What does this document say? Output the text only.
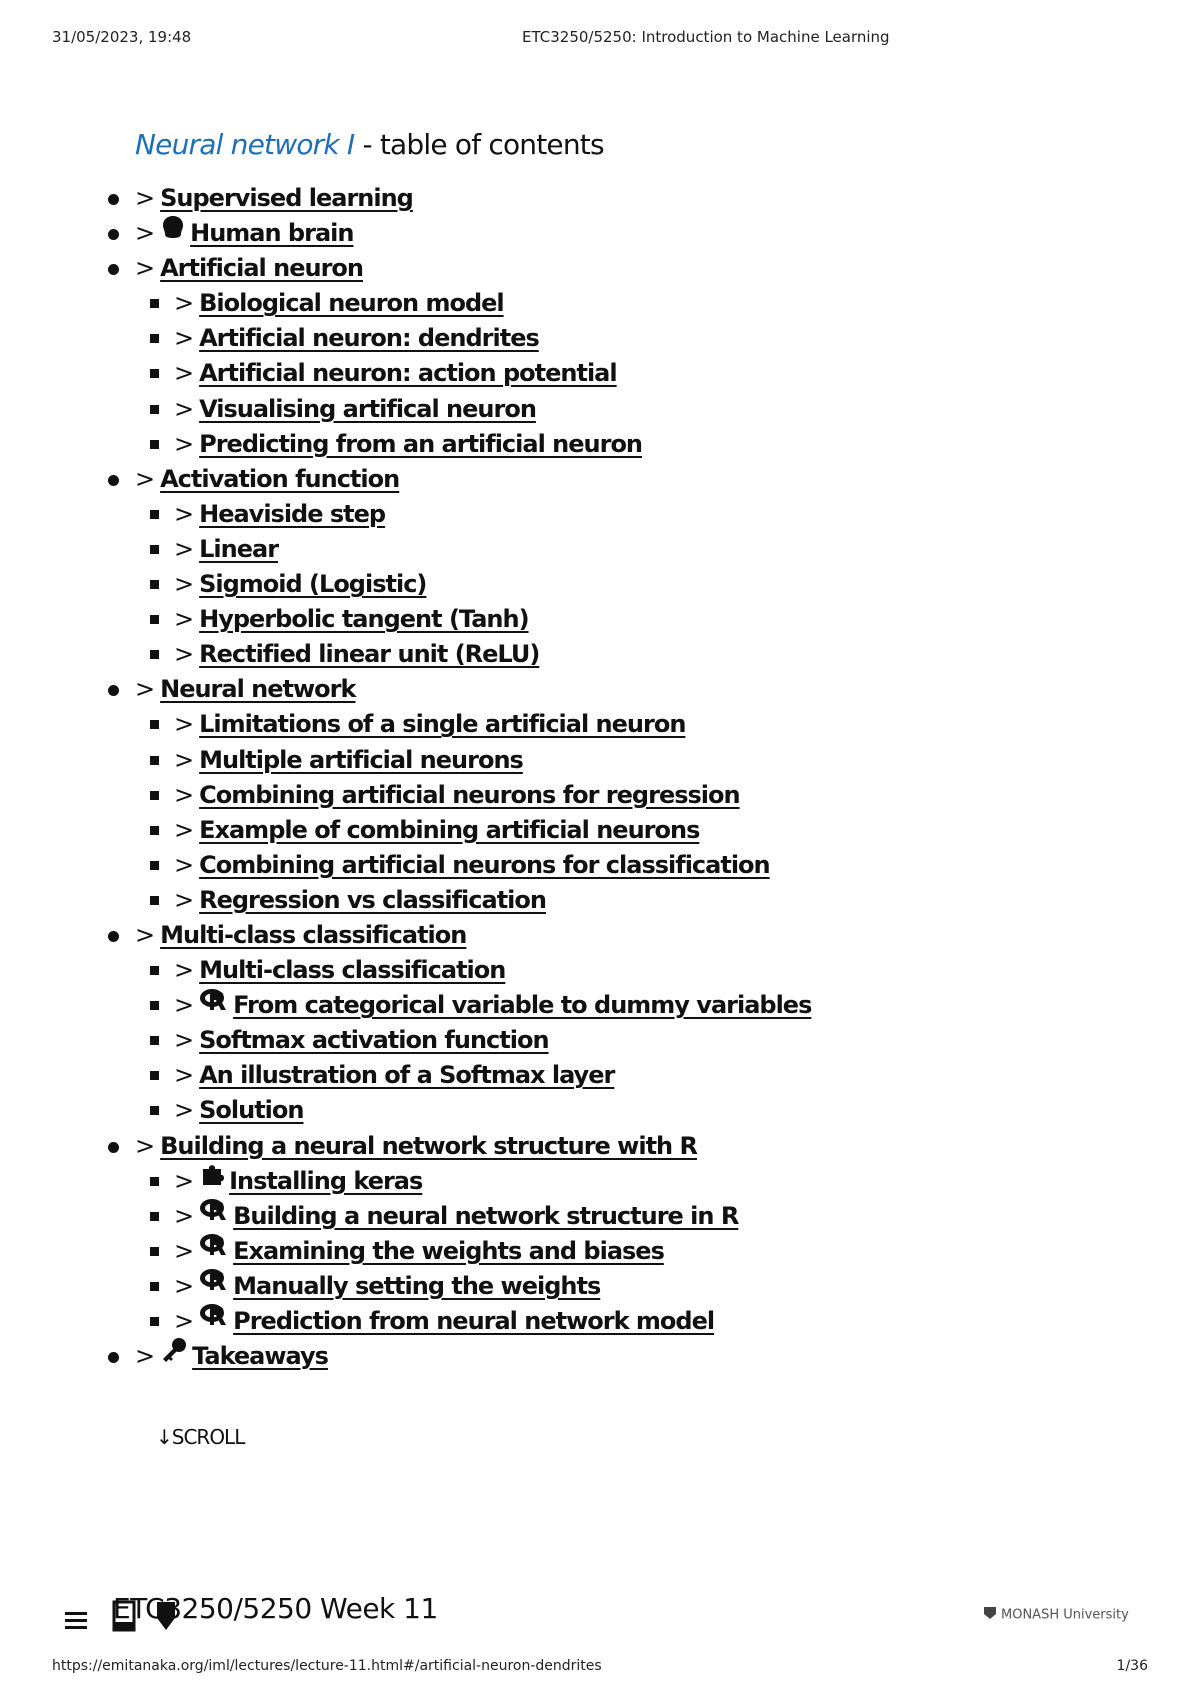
31/05/2023, 19:48	ETC3250/5250: Introduction to Machine Learning
Neural network I - table of contents
> Supervised learning
> Human brain
> Artificial neuron
> Biological neuron model
> Artificial neuron: dendrites
> Artificial neuron: action potential
> Visualising artifical neuron
> Predicting from an artificial neuron
> Activation function
> Heaviside step
> Linear
> Sigmoid (Logistic)
> Hyperbolic tangent (Tanh)
> Rectified linear unit (ReLU)
> Neural network
> Limitations of a single artificial neuron
> Multiple artificial neurons
> Combining artificial neurons for regression
> Example of combining artificial neurons
> Combining artificial neurons for classification
> Regression vs classification
> Multi-class classification
> Multi-class classification
> From categorical variable to dummy variables
> Softmax activation function
> An illustration of a Softmax layer
> Solution
> Building a neural network structure with R
> Installing keras
> Building a neural network structure in R
> Examining the weights and biases
> Manually setting the weights
> Prediction from neural network model
> Takeaways
↓SCROLL
ETC3250/5250 Week 11	MONASH University
https://emitanaka.org/iml/lectures/lecture-11.html#/artificial-neuron-dendrites	1/36
